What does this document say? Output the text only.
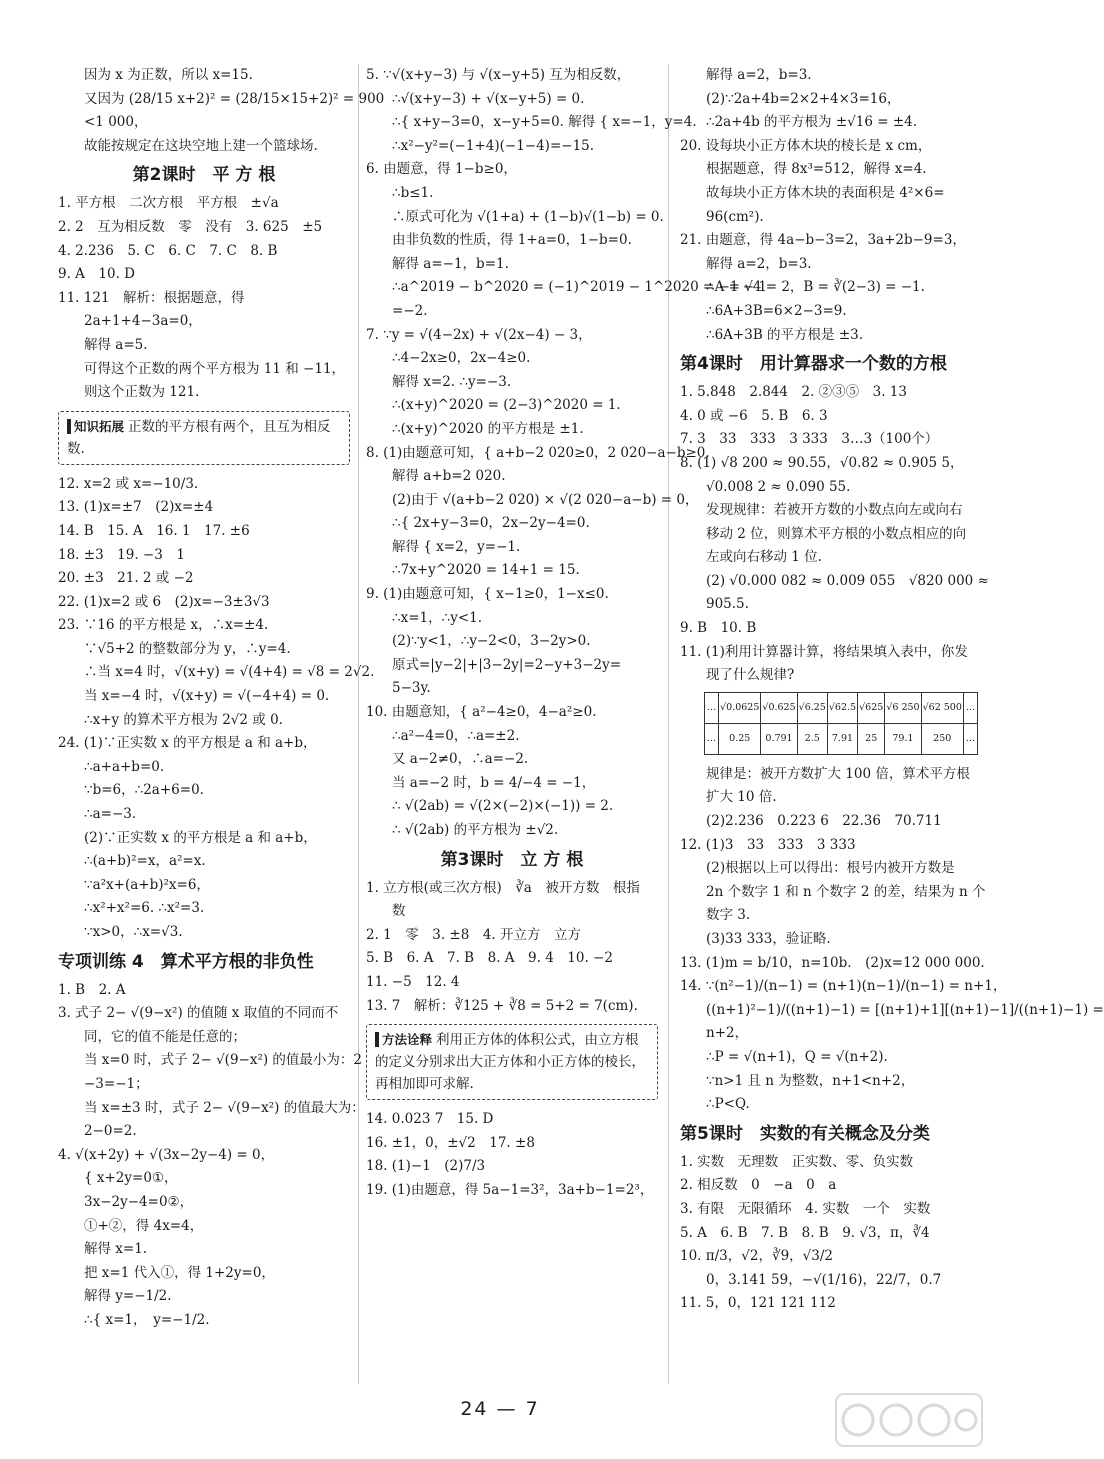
因为 x 为正数，所以 x=15.
又因为 (28/15 x+2)² = (28/15×15+2)² = 900
<1 000，
故能按规定在这块空地上建一个篮球场.
第2课时　平 方 根
1. 平方根　二次方根　平方根　±√a
2. 2　互为相反数　零　没有　3. 625　±5
4. 2.236　5. C　6. C　7. C　8. B
9. A　10. D
11. 121　解析：根据题意，得
2a+1+4−3a=0，
解得 a=5.
可得这个正数的两个平方根为 11 和 −11，
则这个正数为 121.
知识拓展 正数的平方根有两个，且互为相反数.
12. x=2 或 x=−10/3.
13. (1)x=±7　(2)x=±4
14. B　15. A　16. 1　17. ±6
18. ±3　19. −3　1
20. ±3　21. 2 或 −2
22. (1)x=2 或 6　(2)x=−3±3√3
23. ∵16 的平方根是 x，∴x=±4.
∵√5+2 的整数部分为 y，∴y=4.
∴当 x=4 时，√(x+y) = √(4+4) = √8 = 2√2.
当 x=−4 时，√(x+y) = √(−4+4) = 0.
∴x+y 的算术平方根为 2√2 或 0.
24. (1)∵正实数 x 的平方根是 a 和 a+b，
∴a+a+b=0.
∵b=6，∴2a+6=0.
∴a=−3.
(2)∵正实数 x 的平方根是 a 和 a+b，
∴(a+b)²=x，a²=x.
∵a²x+(a+b)²x=6，
∴x²+x²=6. ∴x²=3.
∵x>0，∴x=√3.
专项训练 4　算术平方根的非负性
1. B　2. A
3. 式子 2− √(9−x²) 的值随 x 取值的不同而不
同，它的值不能是任意的；
当 x=0 时，式子 2− √(9−x²) 的值最小为：2
−3=−1；
当 x=±3 时，式子 2− √(9−x²) 的值最大为：
2−0=2.
4. √(x+2y) + √(3x−2y−4) = 0，
{ x+2y=0①，
3x−2y−4=0②，
①+②，得 4x=4，
解得 x=1.
把 x=1 代入①，得 1+2y=0，
解得 y=−1/2.
∴{ x=1，　y=−1/2.
5. ∵√(x+y−3) 与 √(x−y+5) 互为相反数，
∴√(x+y−3) + √(x−y+5) = 0.
∴{ x+y−3=0，x−y+5=0. 解得 { x=−1，y=4.
∴x²−y²=(−1+4)(−1−4)=−15.
6. 由题意，得 1−b≥0，
∴b≤1.
∴原式可化为 √(1+a) + (1−b)√(1−b) = 0.
由非负数的性质，得 1+a=0，1−b=0.
解得 a=−1，b=1.
∴a^2019 − b^2020 = (−1)^2019 − 1^2020 = −1 − 1
=−2.
7. ∵y = √(4−2x) + √(2x−4) − 3，
∴4−2x≥0，2x−4≥0.
解得 x=2. ∴y=−3.
∴(x+y)^2020 = (2−3)^2020 = 1.
∴(x+y)^2020 的平方根是 ±1.
8. (1)由题意可知，{ a+b−2 020≥0，2 020−a−b≥0.
解得 a+b=2 020.
(2)由于 √(a+b−2 020) × √(2 020−a−b) = 0，
∴{ 2x+y−3=0，2x−2y−4=0.
解得 { x=2，y=−1.
∴7x+y^2020 = 14+1 = 15.
9. (1)由题意可知，{ x−1≥0，1−x≤0.
∴x=1，∴y<1.
(2)∵y<1，∴y−2<0，3−2y>0.
原式=|y−2|+|3−2y|=2−y+3−2y=
5−3y.
10. 由题意知，{ a²−4≥0，4−a²≥0.
∴a²−4=0，∴a=±2.
又 a−2≠0，∴a=−2.
当 a=−2 时，b = 4/−4 = −1，
∴ √(2ab) = √(2×(−2)×(−1)) = 2.
∴ √(2ab) 的平方根为 ±√2.
第3课时　立 方 根
1. 立方根(或三次方根)　∛a　被开方数　根指
数
2. 1　零　3. ±8　4. 开立方　立方
5. B　6. A　7. B　8. A　9. 4　10. −2
11. −5　12. 4
13. 7　解析：∛125 + ∛8 = 5+2 = 7(cm).
方法诠释 利用正方体的体积公式，由立方根的定义分别求出大正方体和小正方体的棱长，再相加即可求解.
14. 0.023 7　15. D
16. ±1，0，±√2　17. ±8
18. (1)−1　(2)7/3
19. (1)由题意，得 5a−1=3²，3a+b−1=2³，
解得 a=2，b=3.
(2)∵2a+4b=2×2+4×3=16，
∴2a+4b 的平方根为 ±√16 = ±4.
20. 设每块小正方体木块的棱长是 x cm，
根据题意，得 8x³=512，解得 x=4.
故每块小正方体木块的表面积是 4²×6=
96(cm²).
21. 由题意，得 4a−b−3=2，3a+2b−9=3，
解得 a=2，b=3.
∴A = √4 = 2，B = ∛(2−3) = −1.
∴6A+3B=6×2−3=9.
∴6A+3B 的平方根是 ±3.
第4课时　用计算器求一个数的方根
1. 5.848　2.844　2. ②③⑤　3. 13
4. 0 或 −6　5. B　6. 3
7. 3　33　333　3 333　3…3（100个）
8. (1) √8 200 ≈ 90.55，√0.82 ≈ 0.905 5，
√0.008 2 ≈ 0.090 55.
发现规律：若被开方数的小数点向左或向右
移动 2 位，则算术平方根的小数点相应的向
左或向右移动 1 位.
(2) √0.000 082 ≈ 0.009 055　√820 000 ≈
905.5.
9. B　10. B
11. (1)利用计算器计算，将结果填入表中，你发
现了什么规律?
…	√0.0625	√0.625	√6.25	√62.5	√625	√6 250	√62 500	…
…	0.25	0.791	2.5	7.91	25	79.1	250	…
规律是：被开方数扩大 100 倍，算术平方根
扩大 10 倍.
(2)2.236　0.223 6　22.36　70.711
12. (1)3　33　333　3 333
(2)根据以上可以得出：根号内被开方数是
2n 个数字 1 和 n 个数字 2 的差，结果为 n 个
数字 3.
(3)33 333，验证略.
13. (1)m = b/10，n=10b.　(2)x=12 000 000.
14. ∵(n²−1)/(n−1) = (n+1)(n−1)/(n−1) = n+1，
((n+1)²−1)/((n+1)−1) = [(n+1)+1][(n+1)−1]/((n+1)−1) =
n+2，
∴P = √(n+1)，Q = √(n+2).
∵n>1 且 n 为整数，n+1<n+2，
∴P<Q.
第5课时　实数的有关概念及分类
1. 实数　无理数　正实数、零、负实数
2. 相反数　0　−a　0　a
3. 有限　无限循环　4. 实数　一个　实数
5. A　6. B　7. B　8. B　9. √3，π，∛4
10. π/3，√2，∛9，√3/2
0，3.141 59，−√(1/16)，22/7，0.7̇
11. 5，0，121 121 112
24 — 7
